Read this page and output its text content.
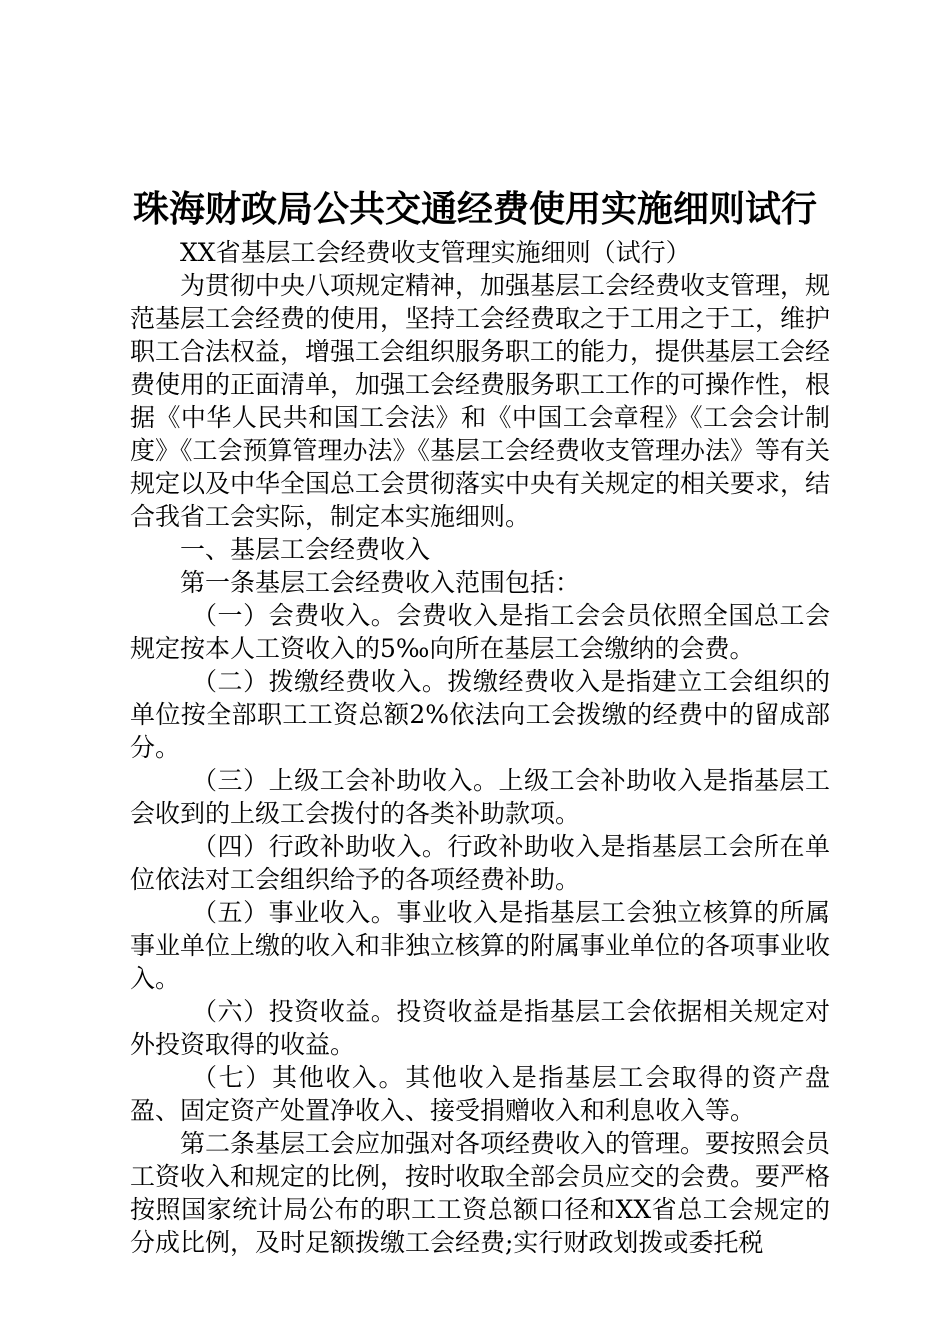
珠海财政局公共交通经费使用实施细则试行

XX省基层工会经费收支管理实施细则（试行）

为贯彻中央八项规定精神，加强基层工会经费收支管理，规范基层工会经费的使用，坚持工会经费取之于工用之于工，维护职工合法权益，增强工会组织服务职工的能力，提供基层工会经费使用的正面清单，加强工会经费服务职工工作的可操作性，根据《中华人民共和国工会法》和《中国工会章程》《工会会计制度》《工会预算管理办法》《基层工会经费收支管理办法》等有关规定以及中华全国总工会贯彻落实中央有关规定的相关要求，结合我省工会实际，制定本实施细则。

一、基层工会经费收入

第一条基层工会经费收入范围包括：

（一）会费收入。会费收入是指工会会员依照全国总工会规定按本人工资收入的5‰向所在基层工会缴纳的会费。

（二）拨缴经费收入。拨缴经费收入是指建立工会组织的单位按全部职工工资总额2%依法向工会拨缴的经费中的留成部分。

（三）上级工会补助收入。上级工会补助收入是指基层工会收到的上级工会拨付的各类补助款项。

（四）行政补助收入。行政补助收入是指基层工会所在单位依法对工会组织给予的各项经费补助。

（五）事业收入。事业收入是指基层工会独立核算的所属事业单位上缴的收入和非独立核算的附属事业单位的各项事业收入。

（六）投资收益。投资收益是指基层工会依据相关规定对外投资取得的收益。

（七）其他收入。其他收入是指基层工会取得的资产盘盈、固定资产处置净收入、接受捐赠收入和利息收入等。

第二条基层工会应加强对各项经费收入的管理。要按照会员工资收入和规定的比例，按时收取全部会员应交的会费。要严格按照国家统计局公布的职工工资总额口径和XX省总工会规定的分成比例，及时足额拨缴工会经费;实行财政划拨或委托税
